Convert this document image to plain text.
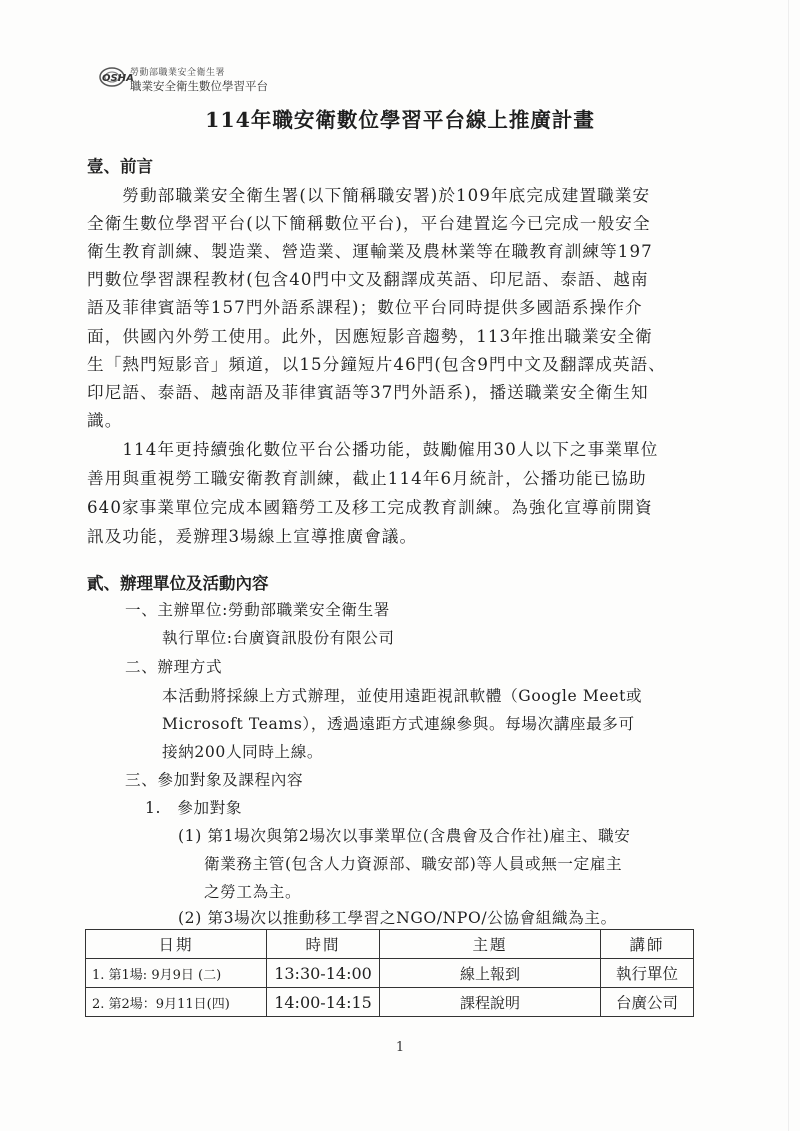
OSHA
勞動部職業安全衛生署
職業安全衛生數位學習平台
114年職安衛數位學習平台線上推廣計畫
壹、前言
　　勞動部職業安全衛生署(以下簡稱職安署)於109年底完成建置職業安
全衛生數位學習平台(以下簡稱數位平台)，平台建置迄今已完成一般安全
衛生教育訓練、製造業、營造業、運輸業及農林業等在職教育訓練等197
門數位學習課程教材(包含40門中文及翻譯成英語、印尼語、泰語、越南
語及菲律賓語等157門外語系課程)；數位平台同時提供多國語系操作介
面，供國內外勞工使用。此外，因應短影音趨勢，113年推出職業安全衛
生「熱門短影音」頻道，以15分鐘短片46門(包含9門中文及翻譯成英語、
印尼語、泰語、越南語及菲律賓語等37門外語系)，播送職業安全衛生知
識。
　　114年更持續強化數位平台公播功能，鼓勵僱用30人以下之事業單位
善用與重視勞工職安衛教育訓練，截止114年6月統計，公播功能已協助
640家事業單位完成本國籍勞工及移工完成教育訓練。為強化宣導前開資
訊及功能，爰辦理3場線上宣導推廣會議。
貳、辦理單位及活動內容
一、主辦單位:勞動部職業安全衛生署
執行單位:台廣資訊股份有限公司
二、辦理方式
本活動將採線上方式辦理，並使用遠距視訊軟體（Google Meet或
Microsoft Teams），透過遠距方式連線參與。每場次講座最多可
接納200人同時上線。
三、參加對象及課程內容
1.　參加對象
(1) 第1場次與第2場次以事業單位(含農會及合作社)雇主、職安
衛業務主管(包含人力資源部、職安部)等人員或無一定雇主
之勞工為主。
(2) 第3場次以推動移工學習之NGO/NPO/公協會組織為主。
日期	時間	主題	講師
1. 第1場: 9月9日 (二)	13:30-14:00	線上報到	執行單位
2. 第2場：9月11日(四)	14:00-14:15	課程說明	台廣公司
1
